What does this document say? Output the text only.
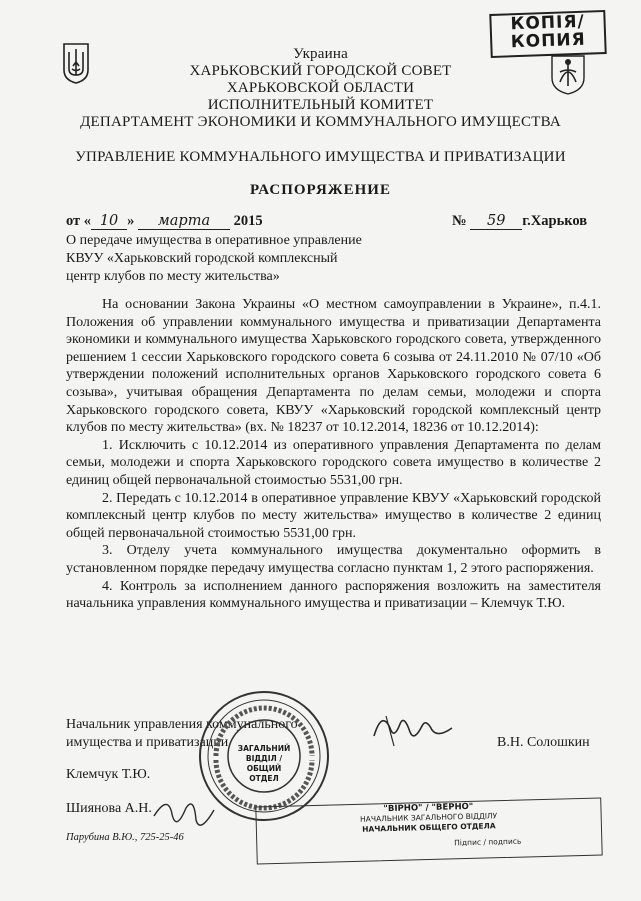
КОПІЯ/
КОПИЯ
Украина
ХАРЬКОВСКИЙ ГОРОДСКОЙ СОВЕТ
ХАРЬКОВСКОЙ ОБЛАСТИ
ИСПОЛНИТЕЛЬНЫЙ КОМИТЕТ
ДЕПАРТАМЕНТ ЭКОНОМИКИ И КОММУНАЛЬНОГО ИМУЩЕСТВА
УПРАВЛЕНИЕ КОММУНАЛЬНОГО ИМУЩЕСТВА И ПРИВАТИЗАЦИИ
РАСПОРЯЖЕНИЕ
от « 10 » марта 2015	№ 59 г.Харьков
О передаче имущества в оперативное управление
КВУУ «Харьковский городской комплексный
центр клубов по месту жительства»

На основании Закона Украины «О местном самоуправлении в Украине», п.4.1. Положения об управлении коммунального имущества и приватизации Департамента экономики и коммунального имущества Харьковского городского совета, утвержденного решением 1 сессии Харьковского городского совета 6 созыва от 24.11.2010 № 07/10 «Об утверждении положений исполнительных органов Харьковского городского совета 6 созыва», учитывая обращения Департамента по делам семьи, молодежи и спорта Харьковского городского совета, КВУУ «Харьковский городской комплексный центр клубов по месту жительства» (вх. № 18237 от 10.12.2014, 18236 от 10.12.2014):

1. Исключить с 10.12.2014 из оперативного управления Департамента по делам семьи, молодежи и спорта Харьковского городского совета имущество в количестве 2 единиц общей первоначальной стоимостью 5531,00 грн.

2. Передать с 10.12.2014 в оперативное управление КВУУ «Харьковский городской комплексный центр клубов по месту жительства» имущество в количестве 2 единиц общей первоначальной стоимостью 5531,00 грн.

3. Отделу учета коммунального имущества документально оформить в установленном порядке передачу имущества согласно пунктам 1, 2 этого распоряжения.

4. Контроль за исполнением данного распоряжения возложить на заместителя начальника управления коммунального имущества и приватизации – Клемчук Т.Ю.

Начальник управления коммунального
имущества и приватизации	В.Н. Солошкин
Клемчук Т.Ю.
Шиянова А.Н.
Парубина В.Ю., 725-25-46
ЗАГАЛЬНИЙ
ВІДДІЛ /
ОБЩИЙ ОТДЕЛ
"ВІРНО" / "ВЕРНО"
НАЧАЛЬНИК ЗАГАЛЬНОГО ВІДДІЛУ
НАЧАЛЬНИК ОБЩЕГО ОТДЕЛА
Підпис / подпись
